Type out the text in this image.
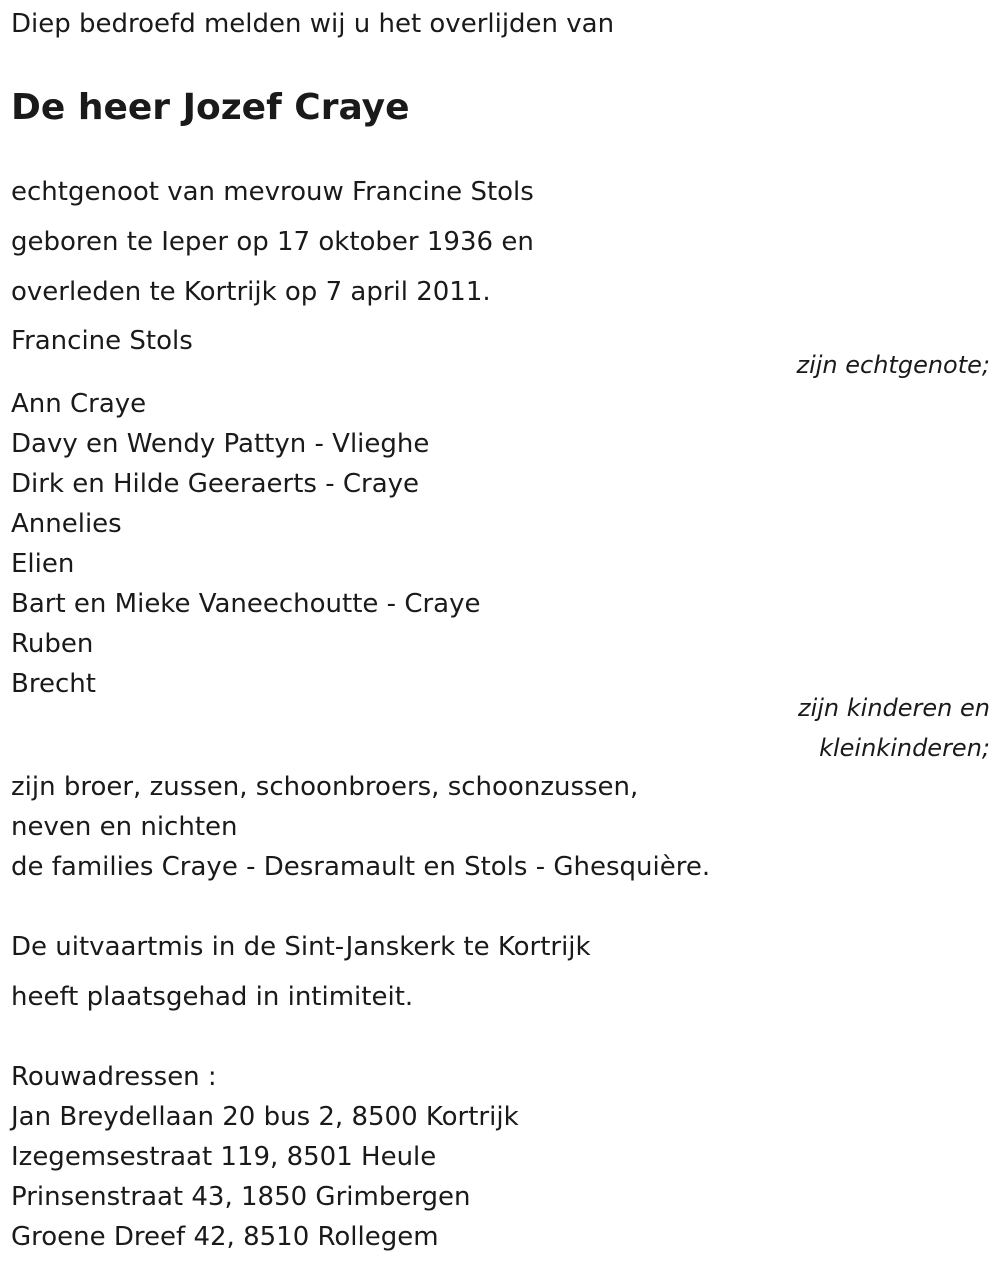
Diep bedroefd melden wij u het overlijden van
De heer Jozef Craye
echtgenoot van mevrouw Francine Stols
geboren te Ieper op 17 oktober 1936 en
overleden te Kortrijk op 7 april 2011.
Francine Stols
zijn echtgenote;
Ann Craye
Davy en Wendy Pattyn - Vlieghe
Dirk en Hilde Geeraerts - Craye
Annelies
Elien
Bart en Mieke Vaneechoutte - Craye
Ruben
Brecht
zijn kinderen en
kleinkinderen;
zijn broer, zussen, schoonbroers, schoonzussen,
neven en nichten
de families Craye - Desramault en Stols - Ghesquière.
De uitvaartmis in de Sint-Janskerk te Kortrijk
heeft plaatsgehad in intimiteit.
Rouwadressen :
Jan Breydellaan 20 bus 2, 8500 Kortrijk
Izegemsestraat 119, 8501 Heule
Prinsenstraat 43, 1850 Grimbergen
Groene Dreef 42, 8510 Rollegem
